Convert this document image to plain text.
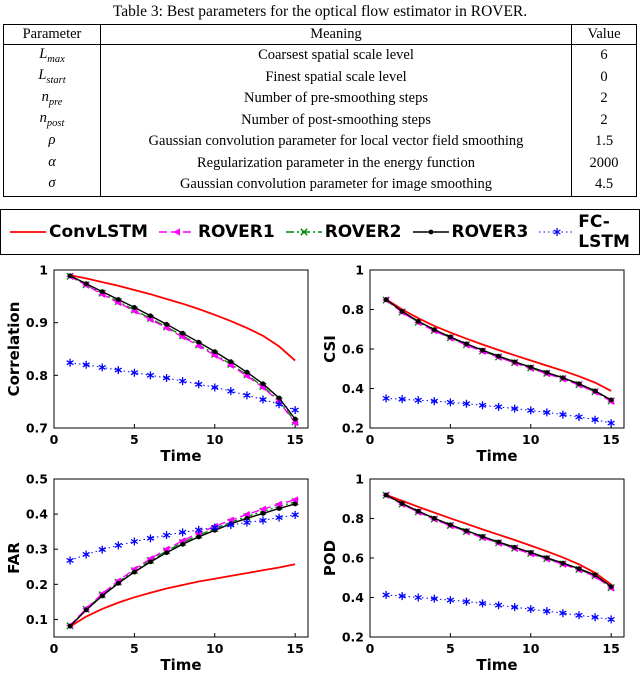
Table 3: Best parameters for the optical flow estimator in ROVER.
Parameter	Meaning	Value
$L_{max}$	Coarsest spatial scale level	6
$L_{start}$	Finest spatial scale level	0
$n_{pre}$	Number of pre-smoothing steps	2
$n_{post}$	Number of post-smoothing steps	2
ρ	Gaussian convolution parameter for local vector field smoothing	1.5
α	Regularization parameter in the energy function	2000
σ	Gaussian convolution parameter for image smoothing	4.5
ConvLSTM	ROVER1	ROVER2	ROVER3	FC-LSTM
0	5	10	15
0.7
0.8
0.9
1
Time
Correlation
0	5	10	15
0.2
0.4
0.6
0.8
1
Time
CSI
0	5	10	15
0.1
0.2
0.3
0.4
0.5
Time
FAR
0	5	10	15
0.2
0.4
0.6
0.8
1
Time
POD
